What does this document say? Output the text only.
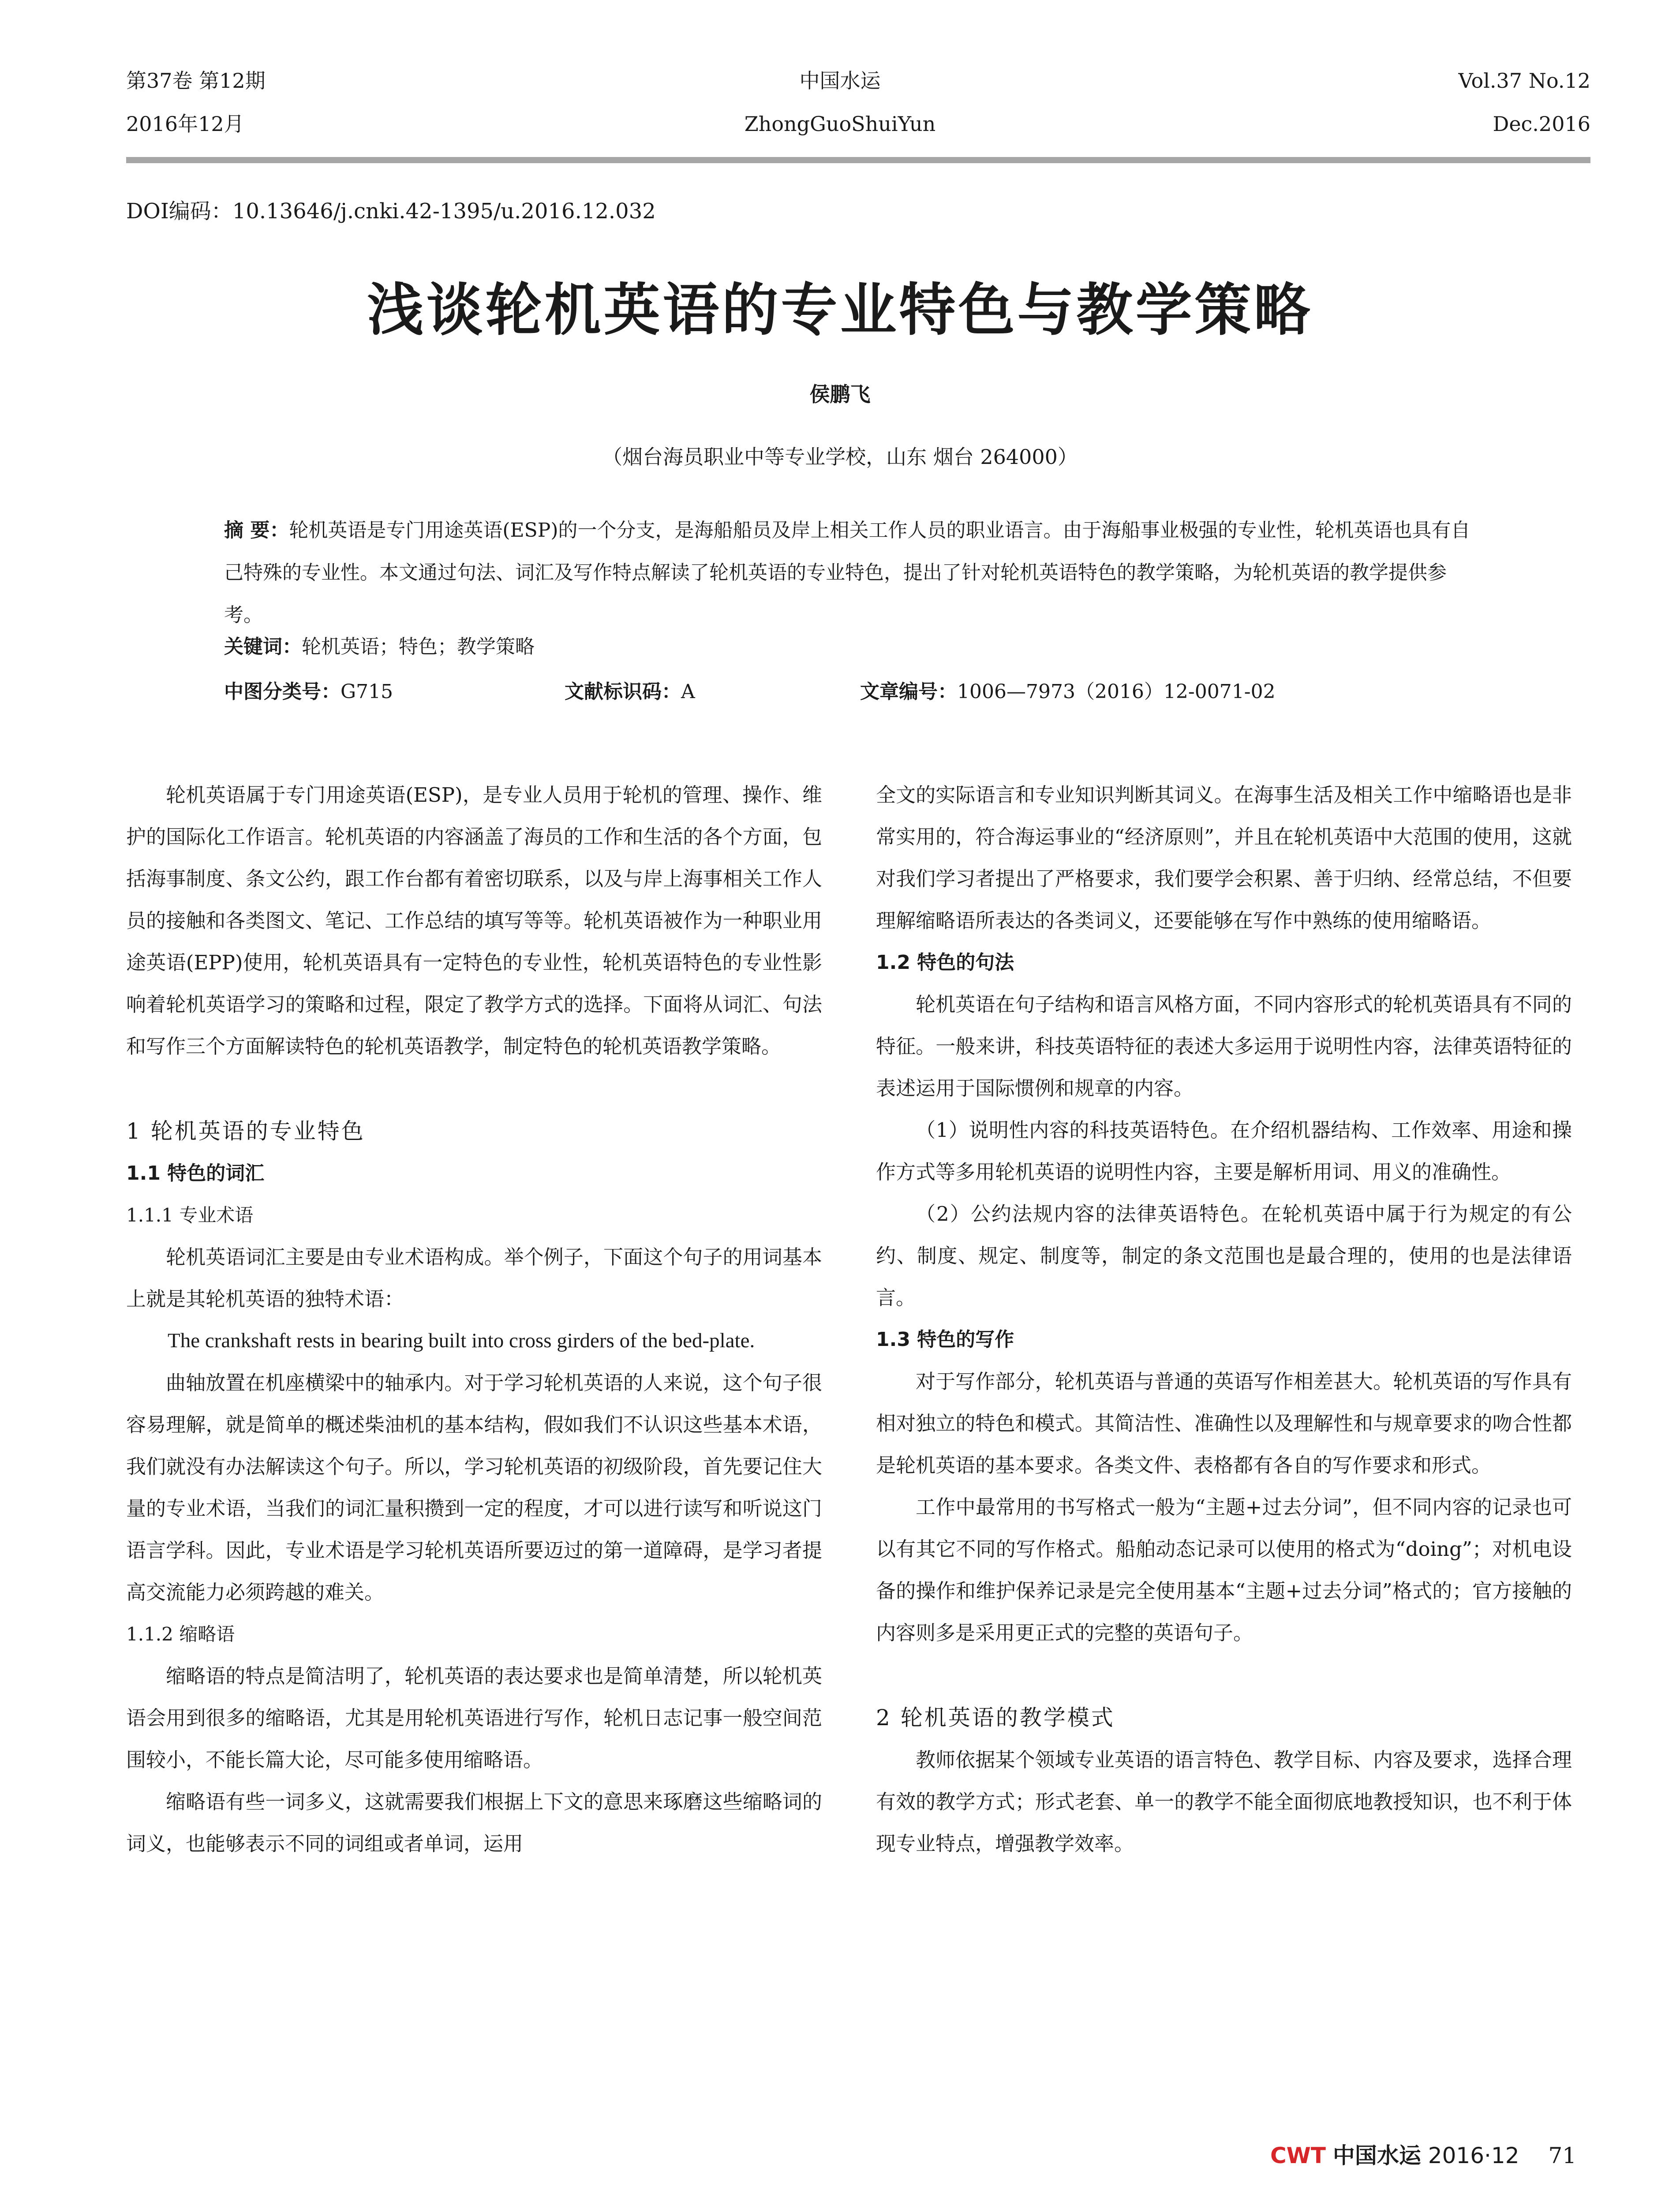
第37卷 第12期
2016年12月
中国水运
ZhongGuoShuiYun
Vol.37 No.12
Dec.2016
DOI编码：10.13646/j.cnki.42-1395/u.2016.12.032
浅谈轮机英语的专业特色与教学策略
侯鹏飞
（烟台海员职业中等专业学校，山东 烟台 264000）
摘 要：轮机英语是专门用途英语(ESP)的一个分支，是海船船员及岸上相关工作人员的职业语言。由于海船事业极强的专业性，轮机英语也具有自己特殊的专业性。本文通过句法、词汇及写作特点解读了轮机英语的专业特色，提出了针对轮机英语特色的教学策略，为轮机英语的教学提供参考。
关键词：轮机英语；特色；教学策略
中图分类号：G715	文献标识码：A	文章编号：1006—7973（2016）12-0071-02

轮机英语属于专门用途英语(ESP)，是专业人员用于轮机的管理、操作、维护的国际化工作语言。轮机英语的内容涵盖了海员的工作和生活的各个方面，包括海事制度、条文公约，跟工作台都有着密切联系，以及与岸上海事相关工作人员的接触和各类图文、笔记、工作总结的填写等等。轮机英语被作为一种职业用途英语(EPP)使用，轮机英语具有一定特色的专业性，轮机英语特色的专业性影响着轮机英语学习的策略和过程，限定了教学方式的选择。下面将从词汇、句法和写作三个方面解读特色的轮机英语教学，制定特色的轮机英语教学策略。

1 轮机英语的专业特色
1.1 特色的词汇
1.1.1 专业术语

轮机英语词汇主要是由专业术语构成。举个例子，下面这个句子的用词基本上就是其轮机英语的独特术语：

The crankshaft rests in bearing built into cross girders of the bed-plate.

曲轴放置在机座横梁中的轴承内。对于学习轮机英语的人来说，这个句子很容易理解，就是简单的概述柴油机的基本结构，假如我们不认识这些基本术语，我们就没有办法解读这个句子。所以，学习轮机英语的初级阶段，首先要记住大量的专业术语，当我们的词汇量积攒到一定的程度，才可以进行读写和听说这门语言学科。因此，专业术语是学习轮机英语所要迈过的第一道障碍，是学习者提高交流能力必须跨越的难关。

1.1.2 缩略语

缩略语的特点是简洁明了，轮机英语的表达要求也是简单清楚，所以轮机英语会用到很多的缩略语，尤其是用轮机英语进行写作，轮机日志记事一般空间范围较小，不能长篇大论，尽可能多使用缩略语。

缩略语有些一词多义，这就需要我们根据上下文的意思来琢磨这些缩略词的词义，也能够表示不同的词组或者单词，运用

全文的实际语言和专业知识判断其词义。在海事生活及相关工作中缩略语也是非常实用的，符合海运事业的“经济原则”，并且在轮机英语中大范围的使用，这就对我们学习者提出了严格要求，我们要学会积累、善于归纳、经常总结，不但要理解缩略语所表达的各类词义，还要能够在写作中熟练的使用缩略语。

1.2 特色的句法

轮机英语在句子结构和语言风格方面，不同内容形式的轮机英语具有不同的特征。一般来讲，科技英语特征的表述大多运用于说明性内容，法律英语特征的表述运用于国际惯例和规章的内容。

（1）说明性内容的科技英语特色。在介绍机器结构、工作效率、用途和操作方式等多用轮机英语的说明性内容，主要是解析用词、用义的准确性。

（2）公约法规内容的法律英语特色。在轮机英语中属于行为规定的有公约、制度、规定、制度等，制定的条文范围也是最合理的，使用的也是法律语言。

1.3 特色的写作

对于写作部分，轮机英语与普通的英语写作相差甚大。轮机英语的写作具有相对独立的特色和模式。其简洁性、准确性以及理解性和与规章要求的吻合性都是轮机英语的基本要求。各类文件、表格都有各自的写作要求和形式。

工作中最常用的书写格式一般为“主题+过去分词”，但不同内容的记录也可以有其它不同的写作格式。船舶动态记录可以使用的格式为“doing”；对机电设备的操作和维护保养记录是完全使用基本“主题+过去分词”格式的；官方接触的内容则多是采用更正式的完整的英语句子。

2 轮机英语的教学模式

教师依据某个领域专业英语的语言特色、教学目标、内容及要求，选择合理有效的教学方式；形式老套、单一的教学不能全面彻底地教授知识，也不利于体现专业特点，增强教学效率。

CWT 中国水运 2016·12 71
